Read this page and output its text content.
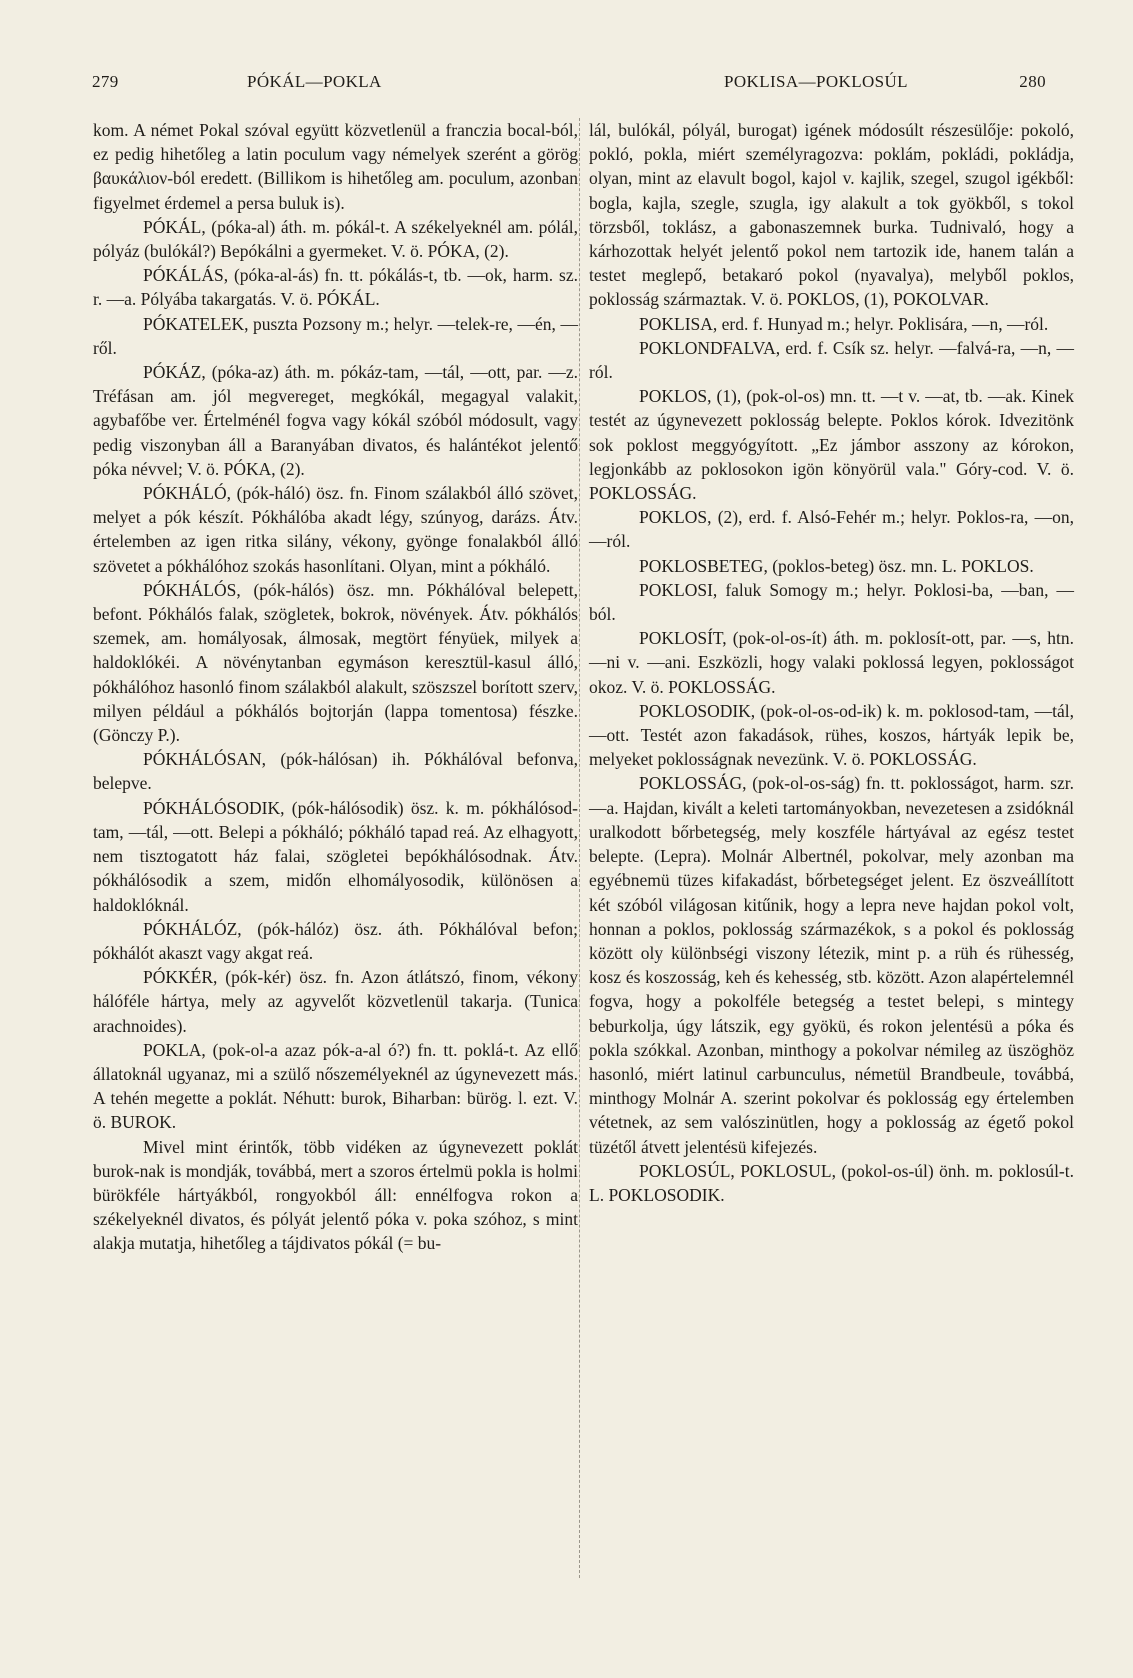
279	PÓKÁL—POKLA	POKLISA—POKLOSÚL	280

kom. A német Pokal szóval együtt közvetlenül a franczia bocal-ból, ez pedig hihetőleg a latin poculum vagy némelyek szerént a görög βαυκάλιον-ból eredett. (Billikom is hihetőleg am. poculum, azonban figyelmet érdemel a persa buluk is).

PÓKÁL, (póka-al) áth. m. pókál-t. A székelyeknél am. pólál, pólyáz (bulókál?) Bepókálni a gyermeket. V. ö. PÓKA, (2).

PÓKÁLÁS, (póka-al-ás) fn. tt. pókálás-t, tb. —ok, harm. sz. r. —a. Pólyába takargatás. V. ö. PÓKÁL.

PÓKATELEK, puszta Pozsony m.; helyr. —telek-re, —én, —ről.

PÓKÁZ, (póka-az) áth. m. pókáz-tam, —tál, —ott, par. —z. Tréfásan am. jól megvereget, megkókál, megagyal valakit, agybafőbe ver. Értelménél fogva vagy kókál szóból módosult, vagy pedig viszonyban áll a Baranyában divatos, és halántékot jelentő póka névvel; V. ö. PÓKA, (2).

PÓKHÁLÓ, (pók-háló) ösz. fn. Finom szálakból álló szövet, melyet a pók készít. Pókhálóba akadt légy, szúnyog, darázs. Átv. értelemben az igen ritka silány, vékony, gyönge fonalakból álló szövetet a pókhálóhoz szokás hasonlítani. Olyan, mint a pókháló.

PÓKHÁLÓS, (pók-hálós) ösz. mn. Pókhálóval belepett, befont. Pókhálós falak, szögletek, bokrok, növények. Átv. pókhálós szemek, am. homályosak, álmosak, megtört fényüek, milyek a haldoklókéi. A növénytanban egymáson keresztül-kasul álló, pókhálóhoz hasonló finom szálakból alakult, szöszszel borított szerv, milyen például a pókhálós bojtorján (lappa tomentosa) fészke. (Gönczy P.).

PÓKHÁLÓSAN, (pók-hálósan) ih. Pókhálóval befonva, belepve.

PÓKHÁLÓSODIK, (pók-hálósodik) ösz. k. m. pókhálósod-tam, —tál, —ott. Belepi a pókháló; pókháló tapad reá. Az elhagyott, nem tisztogatott ház falai, szögletei bepókhálósodnak. Átv. pókhálósodik a szem, midőn elhomályosodik, különösen a haldoklóknál.

PÓKHÁLÓZ, (pók-hálóz) ösz. áth. Pókhálóval befon; pókhálót akaszt vagy akgat reá.

PÓKKÉR, (pók-kér) ösz. fn. Azon átlátszó, finom, vékony hálóféle hártya, mely az agyvelőt közvetlenül takarja. (Tunica arachnoides).

POKLA, (pok-ol-a azaz pók-a-al ó?) fn. tt. poklá-t. Az ellő állatoknál ugyanaz, mi a szülő nőszemélyeknél az úgynevezett más. A tehén megette a poklát. Néhutt: burok, Biharban: bürög. l. ezt. V. ö. BUROK.

Mivel mint érintők, több vidéken az úgynevezett poklát burok-nak is mondják, továbbá, mert a szoros értelmü pokla is holmi bürökféle hártyákból, rongyokból áll: ennélfogva rokon a székelyeknél divatos, és pólyát jelentő póka v. poka szóhoz, s mint alakja mutatja, hihetőleg a tájdivatos pókál (= bu-

lál, bulókál, pólyál, burogat) igének módosúlt részesülője: pokoló, pokló, pokla, miért személyragozva: poklám, pokládi, pokládja, olyan, mint az elavult bogol, kajol v. kajlik, szegel, szugol igékből: bogla, kajla, szegle, szugla, igy alakult a tok gyökből, s tokol törzsből, toklász, a gabonaszemnek burka. Tudnivaló, hogy a kárhozottak helyét jelentő pokol nem tartozik ide, hanem talán a testet meglepő, betakaró pokol (nyavalya), melyből poklos, poklosság származtak. V. ö. POKLOS, (1), POKOLVAR.

POKLISA, erd. f. Hunyad m.; helyr. Poklisára, —n, —ról.

POKLONDFALVA, erd. f. Csík sz. helyr. —falvá-ra, —n, —ról.

POKLOS, (1), (pok-ol-os) mn. tt. —t v. —at, tb. —ak. Kinek testét az úgynevezett poklosság belepte. Poklos kórok. Idvezitönk sok poklost meggyógyított. „Ez jámbor asszony az kórokon, legjonkább az poklosokon igön könyörül vala." Góry-cod. V. ö. POKLOSSÁG.

POKLOS, (2), erd. f. Alsó-Fehér m.; helyr. Poklos-ra, —on, —ról.

POKLOSBETEG, (poklos-beteg) ösz. mn. L. POKLOS.

POKLOSI, faluk Somogy m.; helyr. Poklosi-ba, —ban, —ból.

POKLOSÍT, (pok-ol-os-ít) áth. m. poklosít-ott, par. —s, htn. —ni v. —ani. Eszközli, hogy valaki poklossá legyen, poklosságot okoz. V. ö. POKLOSSÁG.

POKLOSODIK, (pok-ol-os-od-ik) k. m. poklosod-tam, —tál, —ott. Testét azon fakadások, rühes, koszos, hártyák lepik be, melyeket poklosságnak nevezünk. V. ö. POKLOSSÁG.

POKLOSSÁG, (pok-ol-os-ság) fn. tt. poklosságot, harm. szr. —a. Hajdan, kivált a keleti tartományokban, nevezetesen a zsidóknál uralkodott bőrbetegség, mely koszféle hártyával az egész testet belepte. (Lepra). Molnár Albertnél, pokolvar, mely azonban ma egyébnemü tüzes kifakadást, bőrbetegséget jelent. Ez öszveállított két szóból világosan kitűnik, hogy a lepra neve hajdan pokol volt, honnan a poklos, poklosság származékok, s a pokol és poklosság között oly különbségi viszony létezik, mint p. a rüh és rühesség, kosz és koszosság, keh és kehesség, stb. között. Azon alapértelemnél fogva, hogy a pokolféle betegség a testet belepi, s mintegy beburkolja, úgy látszik, egy gyökü, és rokon jelentésü a póka és pokla szókkal. Azonban, minthogy a pokolvar némileg az üszöghöz hasonló, miért latinul carbunculus, németül Brandbeule, továbbá, minthogy Molnár A. szerint pokolvar és poklosság egy értelemben vétetnek, az sem valószinütlen, hogy a poklosság az égető pokol tüzétől átvett jelentésü kifejezés.

POKLOSÚL, POKLOSUL, (pokol-os-úl) önh. m. poklosúl-t. L. POKLOSODIK.
